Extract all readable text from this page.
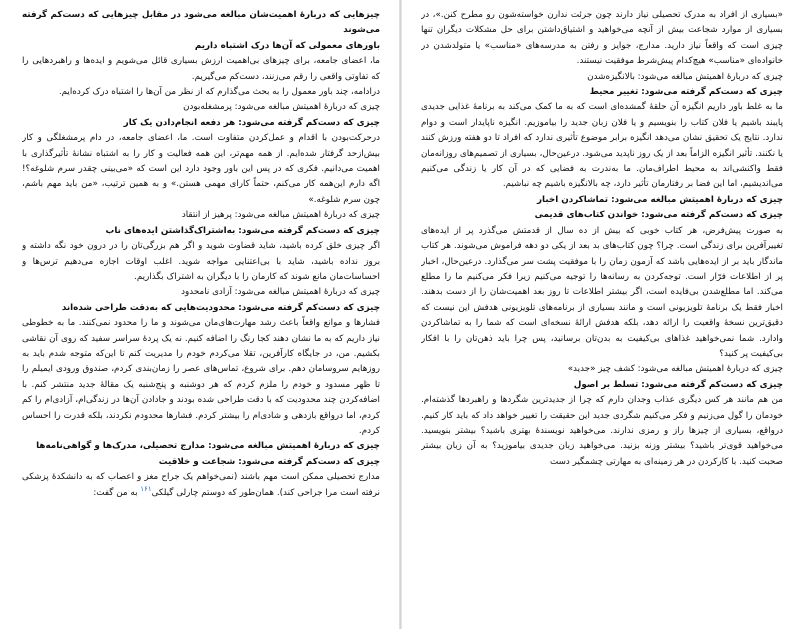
چیزهایی که درباره‌ٔ اهمیت‌شان مبالغه می‌شود در مقابل چیزهایی که دست‌کم گرفته می‌شوند

باورهای معمولی که آن‌ها درک اشتباه داریم

ما، اعضای جامعه، برای چیزهای بی‌اهمیت ارزش بسیاری قائل می‌شویم و ایده‌ها و راهبردهایی را که تفاوتی واقعی را رقم می‌زنند، دست‌کم می‌گیریم.

درادامه، چند باور معمول را به بحث می‌گذارم که از نظر من آن‌ها را اشتباه درک کرده‌ایم.

چیزی که دربارهٔ اهمیتش مبالغه می‌شود: پرمشغله‌بودن

چیزی که دست‌کم گرفته می‌شود: هر دفعه انجام‌دادن یک کار

درحرکت‌بودن با اقدام و عمل‌کردن متفاوت است. ما، اعضای جامعه، در دام پرمشغلگی و کار بیش‌ازحد گرفتار شده‌ایم. از همه مهم‌تر، این همه فعالیت و کار را به اشتباه نشانهٔ تأثیرگذاری با اهمیت می‌دانیم. فکری که در پس این باور وجود دارد این است که «می‌بینی چقدر سرم شلوغه؟! اگه دارم این‌همه کار می‌کنم، حتماً کارای مهمی هستن.» و به همین ترتیب، «من باید مهم باشم، چون سرم شلوغه.»

چیزی که دربارهٔ اهمیتش مبالغه می‌شود: پرهیز از انتقاد

چیزی که دست‌کم گرفته می‌شود: به‌اشتراک‌گذاشتن ایده‌های ناب

اگر چیزی خلق کرده باشید، شاید قضاوت شوید و اگر هم بزرگی‌تان را در درون خود نگه داشته و بروز نداده باشید، شاید با بی‌اعتنایی مواجه شوید. اغلب اوقات اجازه می‌دهیم ترس‌ها و احساسات‌مان مانع شوند که کارمان را با دیگران به اشتراک بگذاریم.

چیزی که دربارهٔ اهمیتش مبالغه می‌شود: آزادی نامحدود

چیزی که دست‌کم گرفته می‌شود: محدودیت‌هایی که به‌دقت طراحی شده‌اند

فشارها و موانع واقعاً باعث رشد مهارت‌های‌مان می‌شوند و ما را محدود نمی‌کنند. ما به خطوطی نیاز داریم که به ما نشان دهند کجا رنگ را اضافه کنیم. نه یک پردهٔ سراسر سفید که روی آن نقاشی بکشیم. من، در جایگاه کارآفرین، تقلا می‌کردم خودم را مدیریت کنم تا این‌که متوجه شدم باید به روزهایم سروسامان دهم. برای شروع، تماس‌های عصر را زمان‌بندی کردم، صندوق ورودی ایمیلم را تا ظهر مسدود و خودم را ملزم کردم که هر دوشنبه و پنج‌شنبه یک مقالهٔ جدید منتشر کنم. با اضافه‌کردن چند محدودیت که با دقت طراحی شده بودند و جادادن آن‌ها در زندگی‌ام، آزادی‌ام را کم کردم، اما درواقع بازدهی و شادی‌ام را بیشتر کردم. فشارها محدودم نکردند، بلکه قدرت را احساس کردم.

چیزی که دربارهٔ اهمیتش مبالغه می‌شود: مدارج تحصیلی، مدرک‌ها و گواهی‌نامه‌ها

چیزی که دست‌کم گرفته می‌شود: شجاعت و خلاقیت

مدارج تحصیلی ممکن است مهم باشند (نمی‌خواهم یک جراح مغز و اعصاب که به دانشکدهٔ پزشکی نرفته است مرا جراحی کند). همان‌طور که دوستم چارلی گیلکی$^{۱۶۱}$ به من گفت:

«بسیاری از افراد به مدرک تحصیلی نیاز دارند چون جرئت ندارن خواسته‌شون رو مطرح کنن.»، در بسیاری از موارد شجاعت بیش از آنچه می‌خواهید و اشتیاق‌داشتن برای حل مشکلات دیگران تنها چیزی است که واقعاً نیاز دارید. مدارج، جوایز و رفتن به مدرسه‌های «مناسب» یا متولدشدن در خانواده‌ای «مناسب» هیچ‌کدام پیش‌شرط موفقیت نیستند.

چیزی که دربارهٔ اهمیتش مبالغه می‌شود: بالانگیزه‌شدن

چیزی که دست‌کم گرفته می‌شود: تغییر محیط

ما به غلط باور داریم انگیزه آن حلقهٔ گمشده‌ای است که به ما کمک می‌کند به برنامهٔ غذایی جدیدی پایبند باشیم یا فلان کتاب را بنویسیم و یا فلان زبان جدید را بیاموزیم. انگیزه ناپایدار است و دوام ندارد. نتایج یک تحقیق نشان می‌دهد انگیزه برابر موضوع تأثیری ندارد که افراد تا دو هفته ورزش کنند یا نکنند. تأثیر انگیزه الزاماً بعد از یک روز ناپدید می‌شود. درعین‌حال، بسیاری از تصمیم‌های روزانه‌مان فقط واکنشی‌اند به محیط اطراف‌مان. ما به‌ندرت به فضایی که در آن کار یا زندگی می‌کنیم می‌اندیشیم، اما این فضا بر رفتارمان تأثیر دارد، چه بالانگیزه باشیم چه نباشیم.

چیزی که دربارهٔ اهمیتش مبالغه می‌شود: تماشاکردن اخبار

چیزی که دست‌کم گرفته می‌شود: خواندن کتاب‌های قدیمی

به صورت پیش‌فرض، هر کتاب خوبی که بیش از ده سال از قدمتش می‌گذرد پر از ایده‌های تغییرآفرین برای زندگی است. چرا؟ چون کتاب‌های بد بعد از یکی دو دهه فراموش می‌شوند. هر کتاب ماندگار باید بر از ایده‌هایی باشد که آزمون زمان را با موفقیت پشت سر می‌گذارد. درعین‌حال، اخبار پر از اطلاعات فرّار است. توجه‌کردن به رسانه‌ها را توجیه می‌کنیم زیرا فکر می‌کنیم ما را مطلع می‌کند. اما مطلع‌شدن بی‌فایده است، اگر بیشتر اطلاعات تا روز بعد اهمیت‌شان را از دست بدهند. اخبار فقط یک برنامهٔ تلویزیونی است و مانند بسیاری از برنامه‌های تلویزیونی هدفش این نیست که دقیق‌ترین نسخهٔ واقعیت را ارائه دهد، بلکه هدفش ارائهٔ نسخه‌ای است که شما را به تماشاکردن وادارد. شما نمی‌خواهید غذاهای بی‌کیفیت به بدن‌تان برسانید، پس چرا باید ذهن‌تان را با افکار بی‌کیفیت پر کنید؟

چیزی که دربارهٔ اهمیتش مبالغه می‌شود: کشف چیز «جدید»

چیزی که دست‌کم گرفته می‌شود: تسلط بر اصول

من هم مانند هر کس دیگری عذاب وجدان دارم که چرا از جدیدترین شگردها و راهبردها گذشته‌ام. خودمان را گول می‌زنیم و فکر می‌کنیم شگردی جدید این حقیقت را تغییر خواهد داد که باید کار کنیم. درواقع، بسیاری از چیزها راز و رمزی ندارند. می‌خواهید نویسندهٔ بهتری باشید؟ بیشتر بنویسید. می‌خواهید قوی‌تر باشید؟ بیشتر وزنه بزنید. می‌خواهید زبان جدیدی بیاموزید؟ به آن زبان بیشتر صحبت کنید. با کارکردن در هر زمینه‌ای به مهارتی چشمگیر دست
